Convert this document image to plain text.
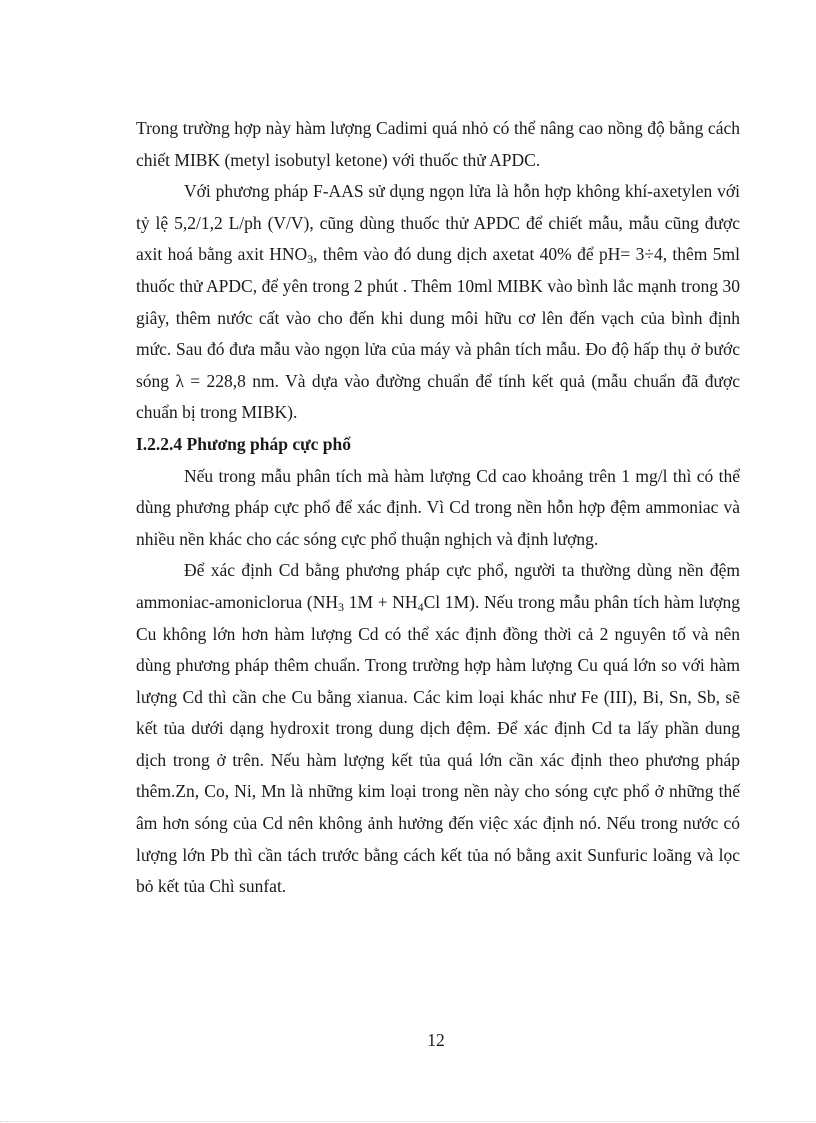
Trong trường hợp này hàm lượng Cadimi quá nhỏ có thể nâng cao nồng độ bằng cách chiết MIBK (metyl isobutyl ketone) với thuốc thử APDC.

Với phương pháp F-AAS sử dụng ngọn lửa là hỗn hợp không khí-axetylen với tỷ lệ 5,2/1,2 L/ph (V/V), cũng dùng thuốc thử APDC để chiết mẫu, mẫu cũng được axit hoá bằng axit $HNO_3$, thêm vào đó dung dịch axetat 40% để pH= 3÷4, thêm 5ml thuốc thử APDC, để yên trong 2 phút . Thêm 10ml MIBK vào bình lắc mạnh trong 30 giây, thêm nước cất vào cho đến khi dung môi hữu cơ lên đến vạch của bình định mức. Sau đó đưa mẫu vào ngọn lửa của máy và phân tích mẫu. Đo độ hấp thụ ở bước sóng λ = 228,8 nm. Và dựa vào đường chuẩn để tính kết quả (mẫu chuẩn đã được chuẩn bị trong MIBK).

I.2.2.4 Phương pháp cực phổ

Nếu trong mẫu phân tích mà hàm lượng Cd cao khoảng trên 1 mg/l thì có thể dùng phương pháp cực phổ để xác định. Vì Cd trong nền hỗn hợp đệm ammoniac và nhiều nền khác cho các sóng cực phổ thuận nghịch và định lượng.

Để xác định Cd bằng phương pháp cực phổ, người ta thường dùng nền đệm ammoniac-amoniclorua ($NH_3$ $1M + NH_4Cl$ 1M). Nếu trong mẫu phân tích hàm lượng Cu không lớn hơn hàm lượng Cd có thể xác định đồng thời cả 2 nguyên tố và nên dùng phương pháp thêm chuẩn. Trong trường hợp hàm lượng Cu quá lớn so với hàm lượng Cd thì cần che Cu bằng xianua. Các kim loại khác như Fe (III), Bi, Sn, Sb, sẽ kết tủa dưới dạng hydroxit trong dung dịch đệm. Để xác định Cd ta lấy phần dung dịch trong ở trên. Nếu hàm lượng kết tủa quá lớn cần xác định theo phương pháp thêm.Zn, Co, Ni, Mn là những kim loại trong nền này cho sóng cực phổ ở những thế âm hơn sóng của Cd nên không ảnh hưởng đến việc xác định nó. Nếu trong nước có lượng lớn Pb thì cần tách trước bằng cách kết tủa nó bằng axit Sunfuric loãng và lọc bỏ kết tủa Chì sunfat.

12
